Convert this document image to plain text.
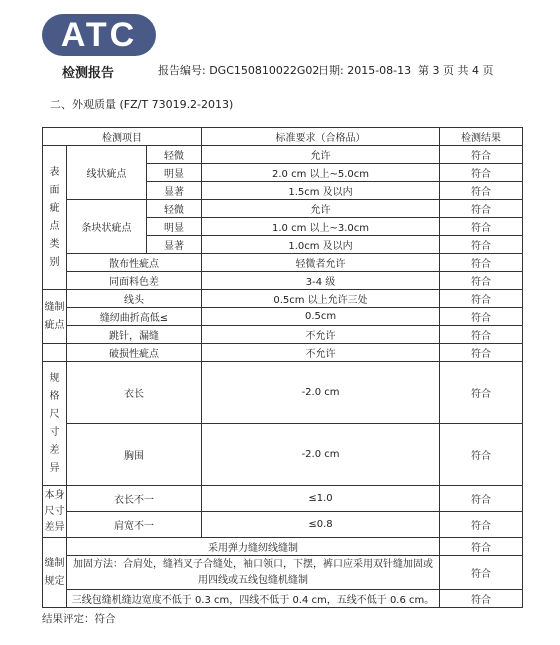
ATC
检测报告	报告编号: DGC150810022G02
日期: 2015-08-13 第 3 页 共 4 页
二、外观质量 (FZ/T 73019.2-2013)
检测项目			标准要求（合格品）	检测结果
表面疵点类别	线状疵点	轻微	允许	符合
		明显	2.0 cm 以上~5.0cm	符合
		显著	1.5cm 及以内	符合
	条块状疵点	轻微	允许	符合
		明显	1.0 cm 以上~3.0cm	符合
		显著	1.0cm 及以内	符合
	散布性疵点		轻微者允许	符合
	同面料色差		3-4 级	符合
缝制疵点	线头		0.5cm 以上允许三处	符合
	缝纫曲折高低≤		0.5cm	符合
	跳针，漏缝		不允许	符合
	破损性疵点		不允许	符合
规格尺寸差异	衣长		-2.0 cm	符合
	胸围		-2.0 cm	符合
本身尺寸差异	衣长不一		≤1.0	符合
	肩宽不一		≤0.8	符合
缝制规定	采用弹力缝纫线缝制			符合
	加固方法：合肩处，缝裆叉子合缝处，袖口领口，下摆，裤口应采用双针缝加固或用四线或五线包缝机缝制			符合
	三线包缝机缝边宽度不低于 0.3 cm，四线不低于 0.4 cm，五线不低于 0.6 cm。			符合
结果评定：符合
